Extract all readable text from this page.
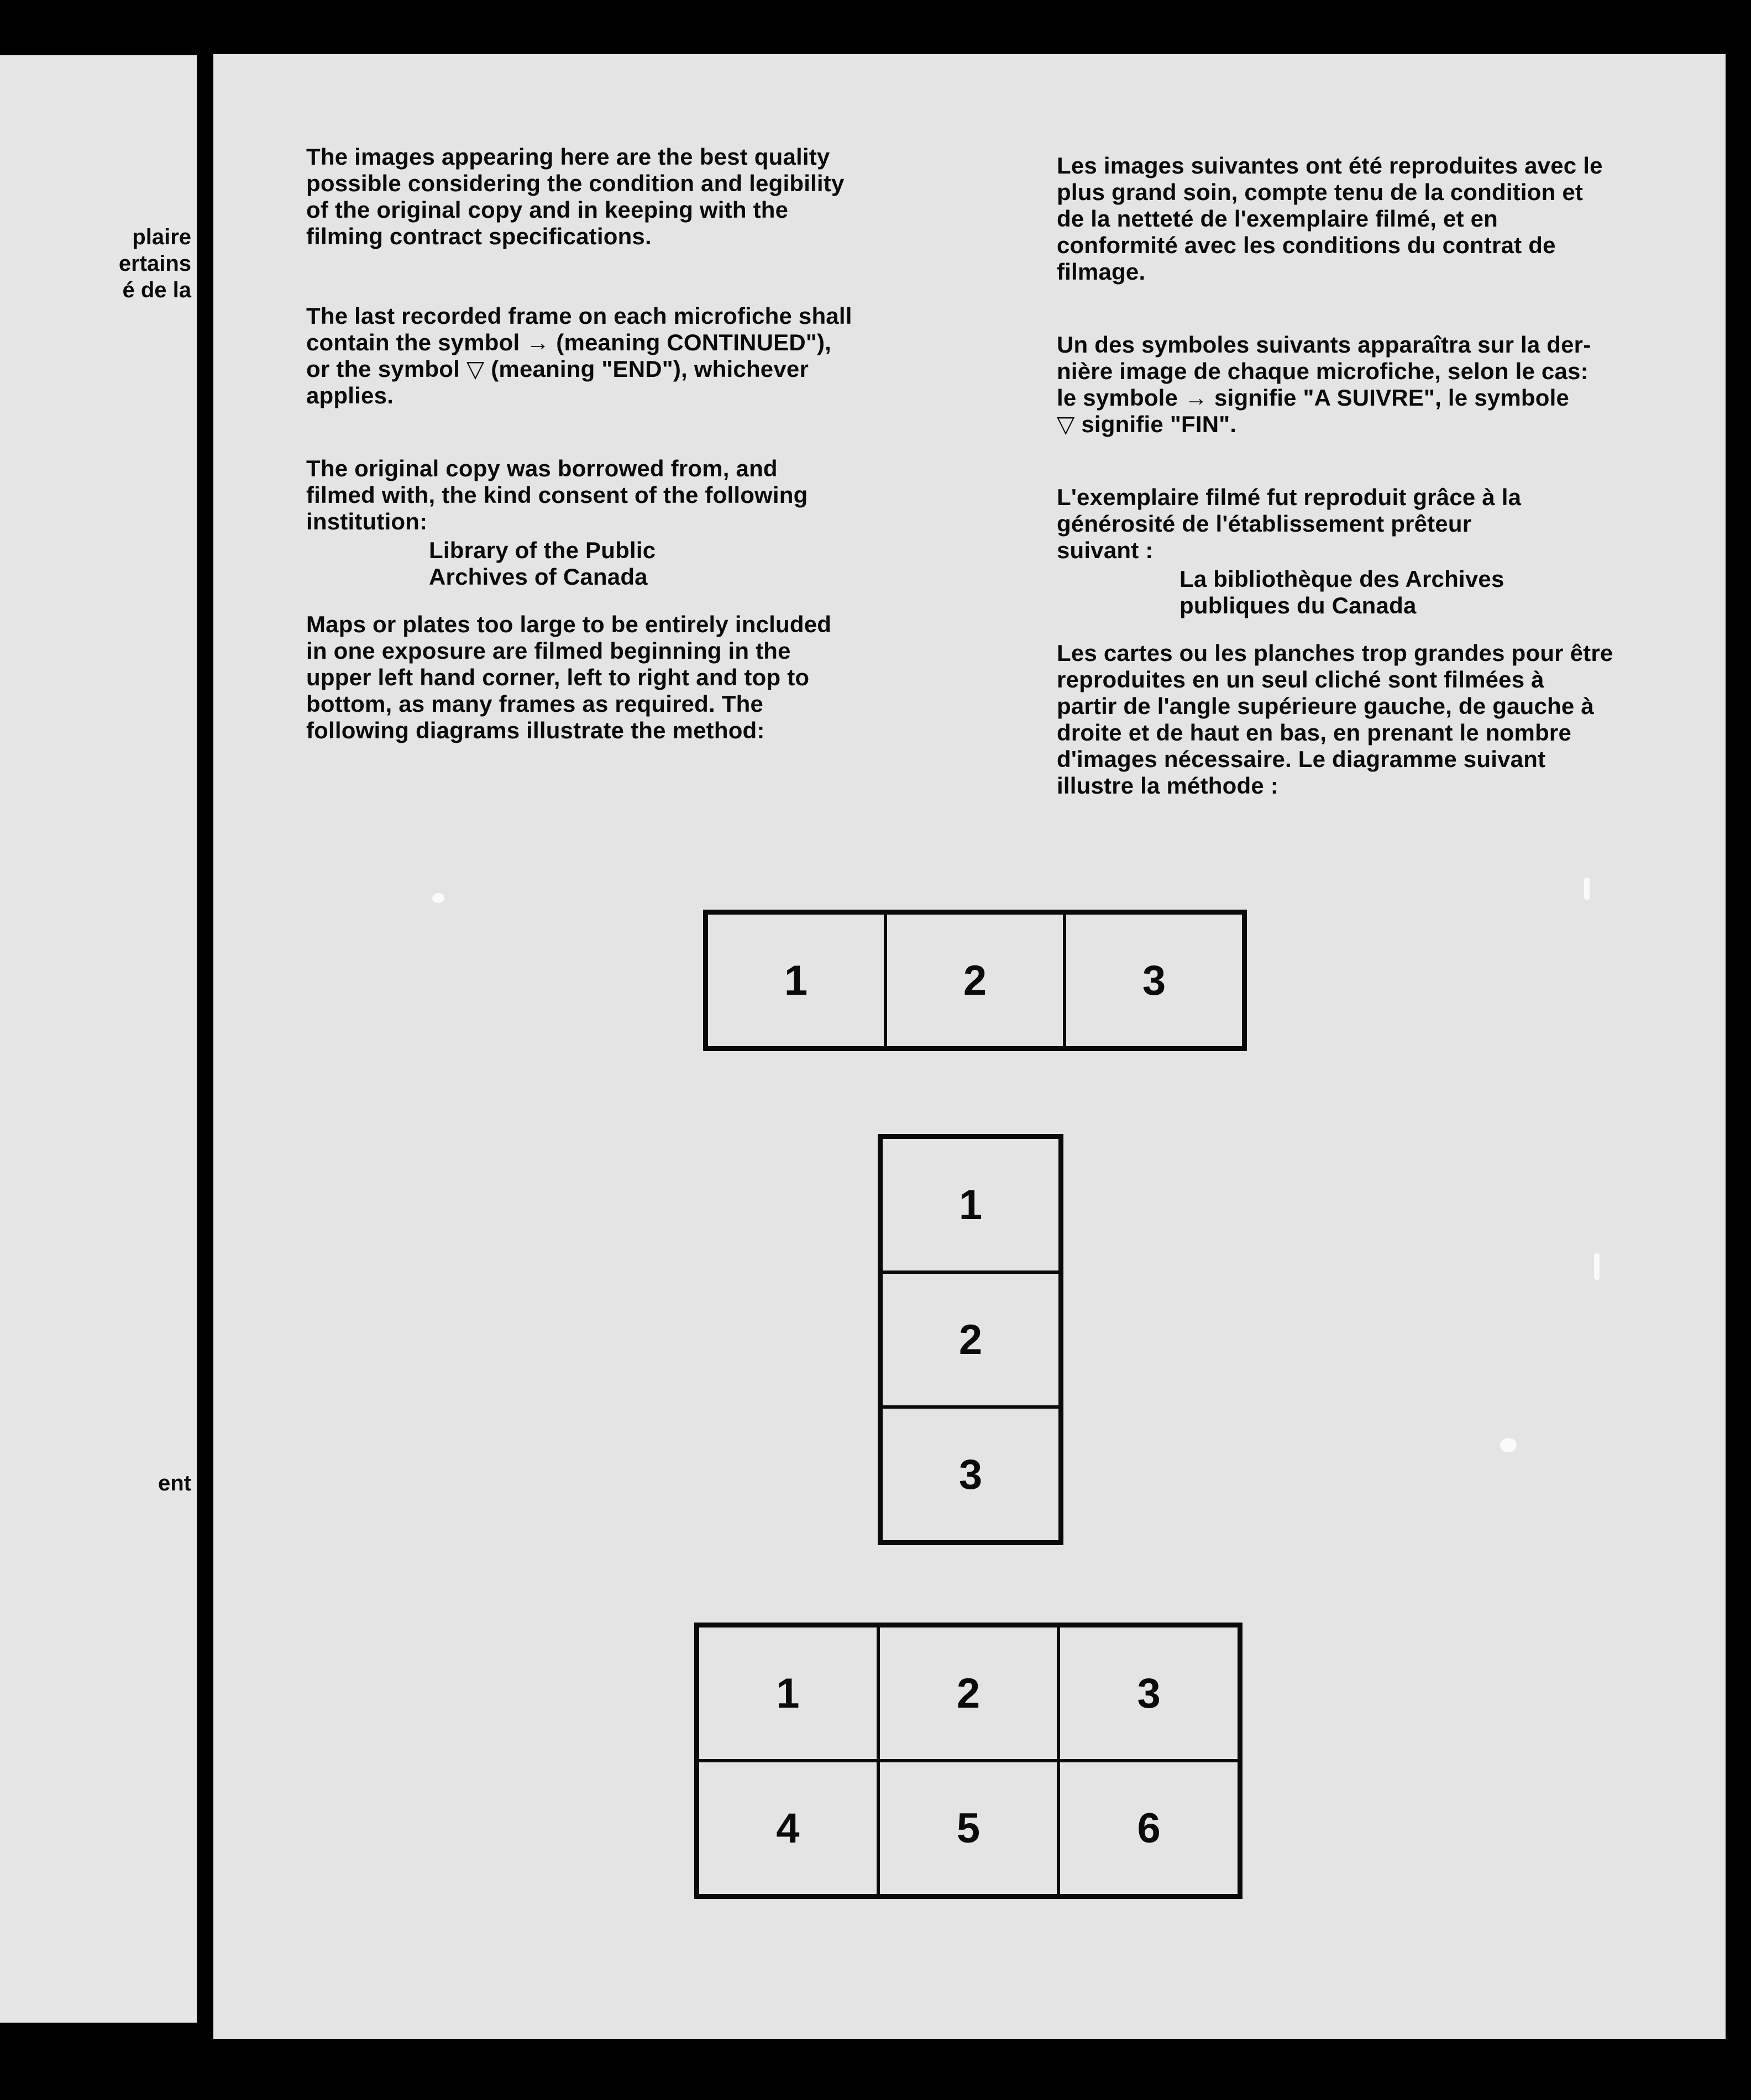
plaire
ertains
é de la
ent

The images appearing here are the best quality
possible considering the condition and legibility
of the original copy and in keeping with the
filming contract specifications.

The last recorded frame on each microfiche shall
contain the symbol → (meaning CONTINUED"),
or the symbol ▽ (meaning "END"), whichever
applies.

The original copy was borrowed from, and
filmed with, the kind consent of the following
institution:

Library of the Public
Archives of Canada

Maps or plates too large to be entirely included
in one exposure are filmed beginning in the
upper left hand corner, left to right and top to
bottom, as many frames as required. The
following diagrams illustrate the method:

Les images suivantes ont été reproduites avec le
plus grand soin, compte tenu de la condition et
de la netteté de l'exemplaire filmé, et en
conformité avec les conditions du contrat de
filmage.

Un des symboles suivants apparaîtra sur la der-
nière image de chaque microfiche, selon le cas:
le symbole → signifie "A SUIVRE", le symbole
▽ signifie "FIN".

L'exemplaire filmé fut reproduit grâce à la
générosité de l'établissement prêteur
suivant :

La bibliothèque des Archives
publiques du Canada

Les cartes ou les planches trop grandes pour être
reproduites en un seul cliché sont filmées à
partir de l'angle supérieure gauche, de gauche à
droite et de haut en bas, en prenant le nombre
d'images nécessaire. Le diagramme suivant
illustre la méthode :

1	2	3
1
2
3
1	2	3
4	5	6
